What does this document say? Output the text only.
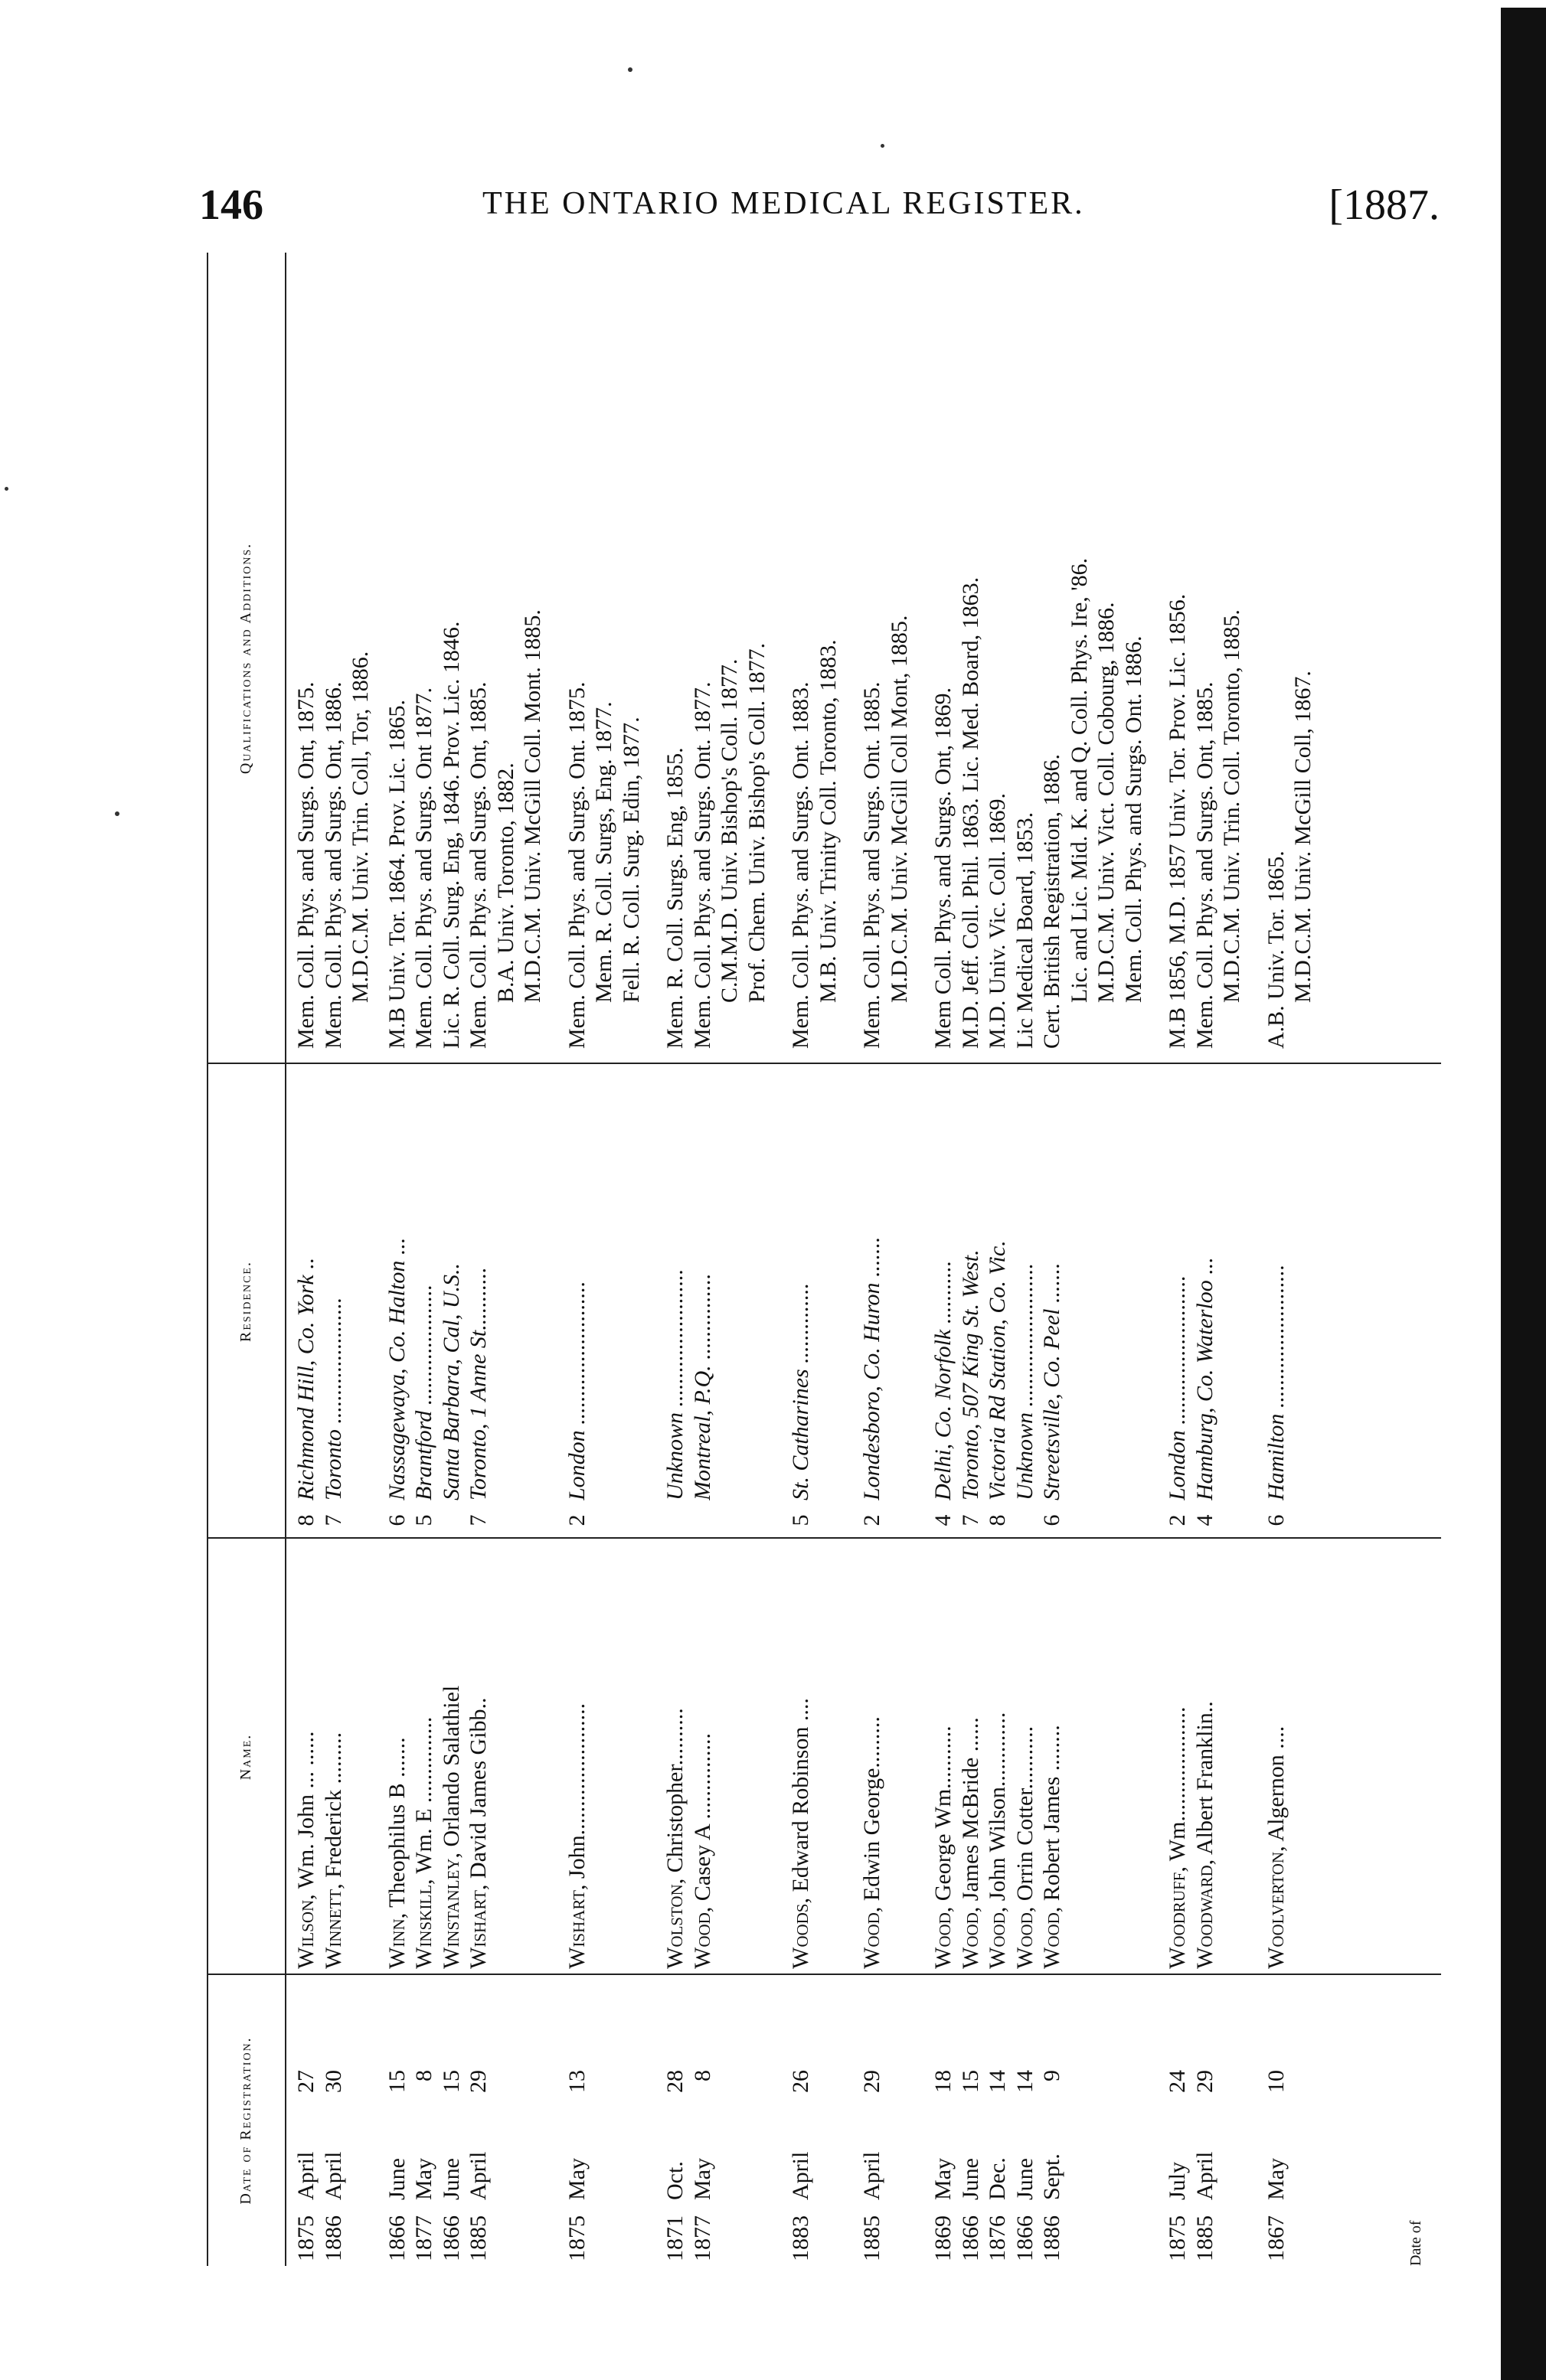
146	THE ONTARIO MEDICAL REGISTER.	[1887.
Date of Registration.
Name.
Residence.
Qualifications and Additions.
1875April27
Wilson, Wm. John ... ......
8
Richmond Hill, Co. York ..
Mem. Coll. Phys. and Surgs. Ont, 1875.
1886April30
Winnett, Frederick .........
7
Toronto ......................
Mem. Coll. Phys. and Surgs. Ont, 1886. M.D.C.M. Univ. Trin. Coll, Tor, 1886.
1866June15
Winn, Theophilus B .......
6
Nassagewaya, Co. Halton ...
M.B Univ. Tor. 1864. Prov. Lic. 1865.
1877May8
Winskill, Wm. E ...............
5
Brantford .....................
Mem. Coll. Phys. and Surgs. Ont 1877.
1866June15
Winstanley, Orlando Salathiel
Santa Barbara, Cal, U.S..
Lic. R. Coll. Surg. Eng, 1846. Prov. Lic. 1846.
1885April29
Wishart, David James Gibb..
7
Toronto, 1 Anne St...........
Mem. Coll. Phys. and Surgs. Ont, 1885. B.A. Univ. Toronto, 1882. M.D.C.M. Univ. McGill Coll. Mont. 1885.
1875May13
Wishart, John.......................
2
London .........................
Mem. Coll. Phys. and Surgs. Ont. 1875. Mem. R. Coll. Surgs, Eng. 1877. Fell. R. Coll. Surg. Edin, 1877.
1871Oct.28
Wolston, Christopher..........
Unknown ........................
Mem. R. Coll. Surgs. Eng, 1855.
1877May8
Wood, Casey A ...............
Montreal, P.Q. ...............
Mem. Coll. Phys. and Surgs. Ont. 1877. C.M.M.D. Univ. Bishop's Coll. 1877. Prof. Chem. Univ. Bishop's Coll. 1877.
1883April26
Woods, Edward Robinson ....
5
St. Catharines ..............
Mem. Coll. Phys. and Surgs. Ont. 1883. M.B. Univ. Trinity Coll. Toronto, 1883.
1885April29
Wood, Edwin George.........
2
Londesboro, Co. Huron .......
Mem. Coll. Phys. and Surgs. Ont. 1885. M.D.C.M. Univ. McGill Coll Mont, 1885.
1869May18
Wood, George Wm...........
4
Delhi, Co. Norfolk ...........
Mem Coll. Phys. and Surgs. Ont, 1869.
1866June15
Wood, James McBride ......
7
Toronto, 507 King St. West.
M.D. Jeff. Coll. Phil. 1863. Lic. Med. Board, 1863.
1876Dec.14
Wood, John Wilson.............
8
Victoria Rd Station, Co. Vic.
M.D. Univ. Vic. Coll. 1869.
1866June14
Wood, Orrin Cotter...........
Unknown .........................
Lic Medical Board, 1853.
1886Sept.9
Wood, Robert James ........
6
Streetsville, Co. Peel .......
Cert. British Registration, 1886. Lic. and Lic. Mid. K. and Q. Coll. Phys. Ire, '86. M.D.C.M. Univ. Vict. Coll. Cobourg, 1886. Mem. Coll. Phys. and Surgs. Ont. 1886.
1875July24
Woodruff, Wm....................
2
London ..........................
M.B 1856, M.D. 1857 Univ. Tor. Prov. Lic. 1856.
1885April29
Woodward, Albert Franklin..
4
Hamburg, Co. Waterloo ...
Mem. Coll. Phys. and Surgs. Ont, 1885. M.D.C.M. Univ. Trin. Coll. Toronto, 1885.
1867May10
Woolverton, Algernon ....
6
Hamilton .........................
A.B. Univ. Tor. 1865. M.D.C.M. Univ. McGill Coll, 1867.
Date of
